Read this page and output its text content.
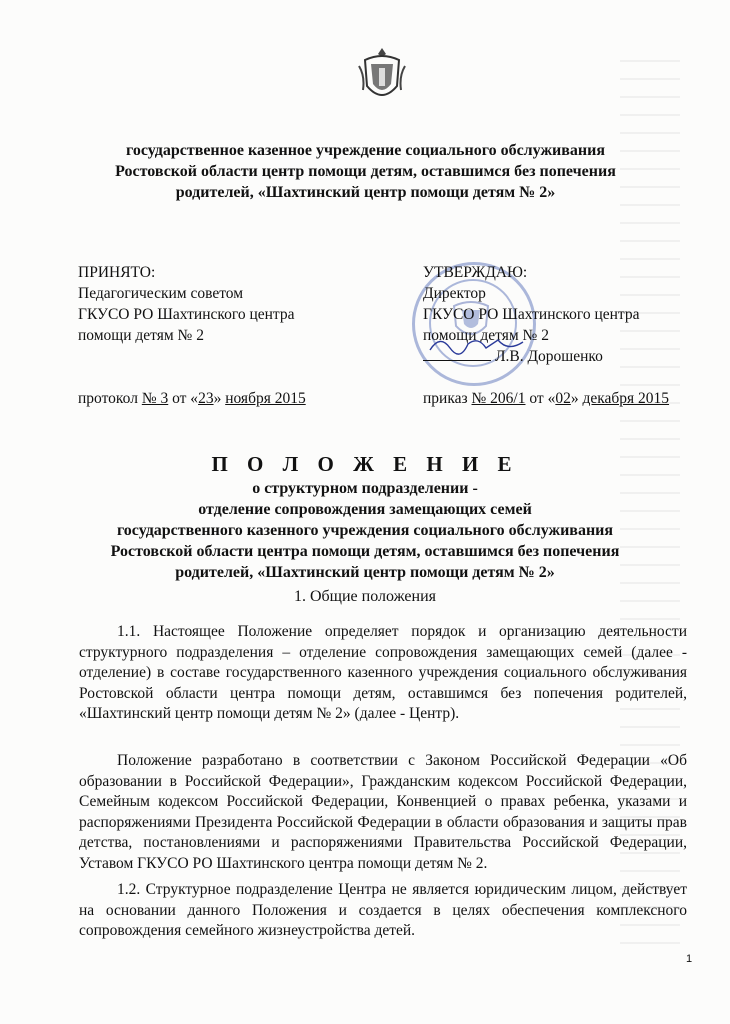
государственное казенное учреждение социального обслуживания
Ростовской области центр помощи детям, оставшимся без попечения
родителей, «Шахтинский центр помощи детям № 2»
ПРИНЯТО:
Педагогическим советом
ГКУСО РО Шахтинского центра
помощи детям № 2
протокол № 3 от «23» ноября 2015
УТВЕРЖДАЮ:
Директор
ГКУСО РО Шахтинского центра
помощи детям № 2
Л.В. Дорошенко
приказ № 206/1 от «02» декабря 2015
П О Л О Ж Е Н И Е
о структурном подразделении -
отделение сопровождения замещающих семей
государственного казенного учреждения социального обслуживания
Ростовской области центра помощи детям, оставшимся без попечения
родителей, «Шахтинский центр помощи детям № 2»
1. Общие положения
1.1. Настоящее Положение определяет порядок и организацию деятельности структурного подразделения – отделение сопровождения замещающих семей (далее - отделение) в составе государственного казенного учреждения социального обслуживания Ростовской области центра помощи детям, оставшимся без попечения родителей, «Шахтинский центр помощи детям № 2» (далее - Центр).
Положение разработано в соответствии с Законом Российской Федерации «Об образовании в Российской Федерации», Гражданским кодексом Российской Федерации, Семейным кодексом Российской Федерации, Конвенцией о правах ребенка, указами и распоряжениями Президента Российской Федерации в области образования и защиты прав детства, постановлениями и распоряжениями Правительства Российской Федерации, Уставом ГКУСО РО Шахтинского центра помощи детям № 2.
1.2. Структурное подразделение Центра не является юридическим лицом, действует на основании данного Положения и создается в целях обеспечения комплексного сопровождения семейного жизнеустройства детей.
1
